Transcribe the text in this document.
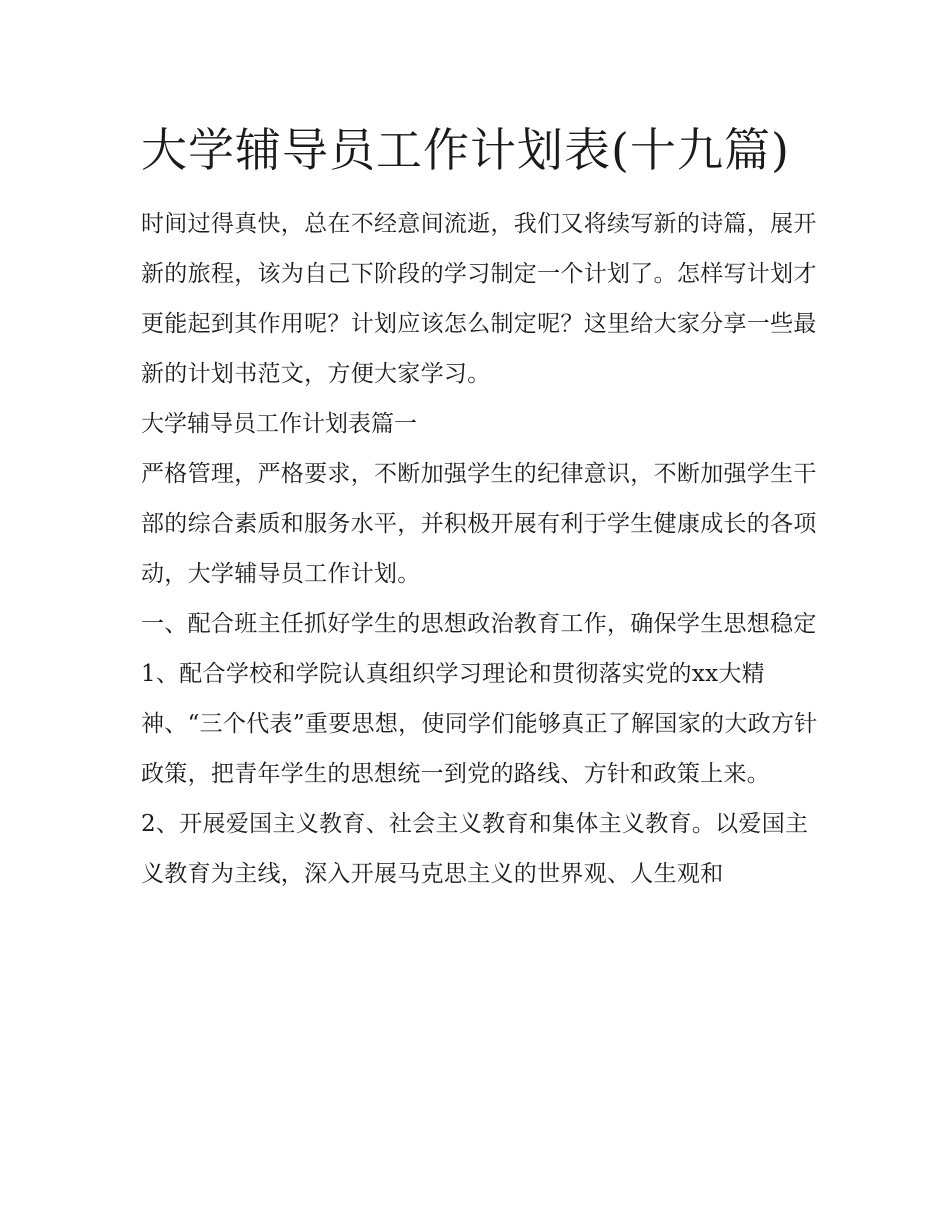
大学辅导员工作计划表(十九篇)

时间过得真快，总在不经意间流逝，我们又将续写新的诗篇，展开新的旅程，该为自己下阶段的学习制定一个计划了。怎样写计划才更能起到其作用呢？计划应该怎么制定呢？这里给大家分享一些最新的计划书范文，方便大家学习。

大学辅导员工作计划表篇一

严格管理，严格要求，不断加强学生的纪律意识，不断加强学生干部的综合素质和服务水平，并积极开展有利于学生健康成长的各项动，大学辅导员工作计划。

一、配合班主任抓好学生的思想政治教育工作，确保学生思想稳定

1、配合学校和学院认真组织学习理论和贯彻落实党的xx大精神、“三个代表”重要思想，使同学们能够真正了解国家的大政方针政策，把青年学生的思想统一到党的路线、方针和政策上来。

2、开展爱国主义教育、社会主义教育和集体主义教育。以爱国主义教育为主线，深入开展马克思主义的世界观、人生观和
